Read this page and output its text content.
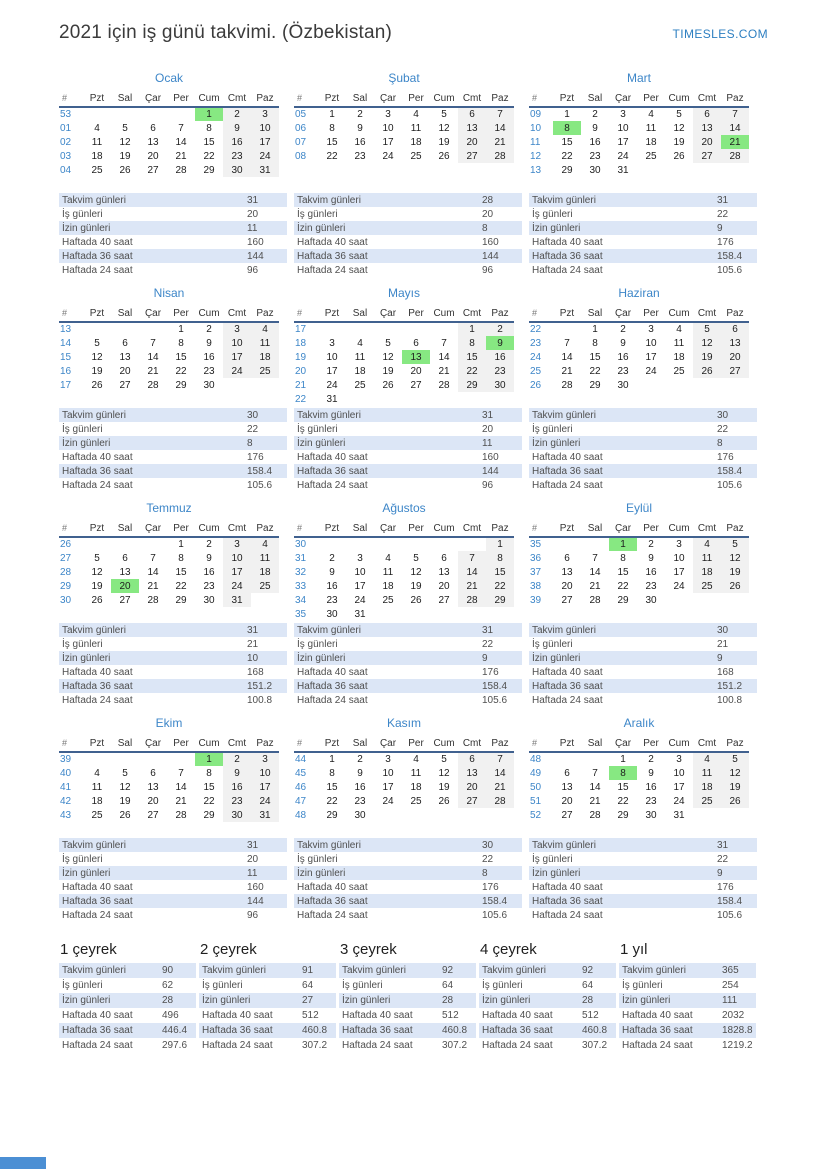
2021 için iş günü takvimi. (Özbekistan)	TIMESLES.COM
Ocak
#	Pzt	Sal	Çar	Per	Cum	Cmt	Paz
53					1	2	3
01	4	5	6	7	8	9	10
02	11	12	13	14	15	16	17
03	18	19	20	21	22	23	24
04	25	26	27	28	29	30	31
Takvim günleri	31
İş günleri	20
İzin günleri	11
Haftada 40 saat	160
Haftada 36 saat	144
Haftada 24 saat	96
Şubat
#	Pzt	Sal	Çar	Per	Cum	Cmt	Paz
05	1	2	3	4	5	6	7
06	8	9	10	11	12	13	14
07	15	16	17	18	19	20	21
08	22	23	24	25	26	27	28
Takvim günleri	28
İş günleri	20
İzin günleri	8
Haftada 40 saat	160
Haftada 36 saat	144
Haftada 24 saat	96
Mart
#	Pzt	Sal	Çar	Per	Cum	Cmt	Paz
09	1	2	3	4	5	6	7
10	8	9	10	11	12	13	14
11	15	16	17	18	19	20	21
12	22	23	24	25	26	27	28
13	29	30	31				
Takvim günleri	31
İş günleri	22
İzin günleri	9
Haftada 40 saat	176
Haftada 36 saat	158.4
Haftada 24 saat	105.6
Nisan
#	Pzt	Sal	Çar	Per	Cum	Cmt	Paz
13				1	2	3	4
14	5	6	7	8	9	10	11
15	12	13	14	15	16	17	18
16	19	20	21	22	23	24	25
17	26	27	28	29	30		
Takvim günleri	30
İş günleri	22
İzin günleri	8
Haftada 40 saat	176
Haftada 36 saat	158.4
Haftada 24 saat	105.6
Mayıs
#	Pzt	Sal	Çar	Per	Cum	Cmt	Paz
17						1	2
18	3	4	5	6	7	8	9
19	10	11	12	13	14	15	16
20	17	18	19	20	21	22	23
21	24	25	26	27	28	29	30
22	31						
Takvim günleri	31
İş günleri	20
İzin günleri	11
Haftada 40 saat	160
Haftada 36 saat	144
Haftada 24 saat	96
Haziran
#	Pzt	Sal	Çar	Per	Cum	Cmt	Paz
22		1	2	3	4	5	6
23	7	8	9	10	11	12	13
24	14	15	16	17	18	19	20
25	21	22	23	24	25	26	27
26	28	29	30				
Takvim günleri	30
İş günleri	22
İzin günleri	8
Haftada 40 saat	176
Haftada 36 saat	158.4
Haftada 24 saat	105.6
Temmuz
#	Pzt	Sal	Çar	Per	Cum	Cmt	Paz
26				1	2	3	4
27	5	6	7	8	9	10	11
28	12	13	14	15	16	17	18
29	19	20	21	22	23	24	25
30	26	27	28	29	30	31	
Takvim günleri	31
İş günleri	21
İzin günleri	10
Haftada 40 saat	168
Haftada 36 saat	151.2
Haftada 24 saat	100.8
Ağustos
#	Pzt	Sal	Çar	Per	Cum	Cmt	Paz
30							1
31	2	3	4	5	6	7	8
32	9	10	11	12	13	14	15
33	16	17	18	19	20	21	22
34	23	24	25	26	27	28	29
35	30	31					
Takvim günleri	31
İş günleri	22
İzin günleri	9
Haftada 40 saat	176
Haftada 36 saat	158.4
Haftada 24 saat	105.6
Eylül
#	Pzt	Sal	Çar	Per	Cum	Cmt	Paz
35			1	2	3	4	5
36	6	7	8	9	10	11	12
37	13	14	15	16	17	18	19
38	20	21	22	23	24	25	26
39	27	28	29	30			
Takvim günleri	30
İş günleri	21
İzin günleri	9
Haftada 40 saat	168
Haftada 36 saat	151.2
Haftada 24 saat	100.8
Ekim
#	Pzt	Sal	Çar	Per	Cum	Cmt	Paz
39					1	2	3
40	4	5	6	7	8	9	10
41	11	12	13	14	15	16	17
42	18	19	20	21	22	23	24
43	25	26	27	28	29	30	31
Takvim günleri	31
İş günleri	20
İzin günleri	11
Haftada 40 saat	160
Haftada 36 saat	144
Haftada 24 saat	96
Kasım
#	Pzt	Sal	Çar	Per	Cum	Cmt	Paz
44	1	2	3	4	5	6	7
45	8	9	10	11	12	13	14
46	15	16	17	18	19	20	21
47	22	23	24	25	26	27	28
48	29	30					
Takvim günleri	30
İş günleri	22
İzin günleri	8
Haftada 40 saat	176
Haftada 36 saat	158.4
Haftada 24 saat	105.6
Aralık
#	Pzt	Sal	Çar	Per	Cum	Cmt	Paz
48			1	2	3	4	5
49	6	7	8	9	10	11	12
50	13	14	15	16	17	18	19
51	20	21	22	23	24	25	26
52	27	28	29	30	31		
Takvim günleri	31
İş günleri	22
İzin günleri	9
Haftada 40 saat	176
Haftada 36 saat	158.4
Haftada 24 saat	105.6
1 çeyrek
Takvim günleri	90
İş günleri	62
İzin günleri	28
Haftada 40 saat	496
Haftada 36 saat	446.4
Haftada 24 saat	297.6
2 çeyrek
Takvim günleri	91
İş günleri	64
İzin günleri	27
Haftada 40 saat	512
Haftada 36 saat	460.8
Haftada 24 saat	307.2
3 çeyrek
Takvim günleri	92
İş günleri	64
İzin günleri	28
Haftada 40 saat	512
Haftada 36 saat	460.8
Haftada 24 saat	307.2
4 çeyrek
Takvim günleri	92
İş günleri	64
İzin günleri	28
Haftada 40 saat	512
Haftada 36 saat	460.8
Haftada 24 saat	307.2
1 yıl
Takvim günleri	365
İş günleri	254
İzin günleri	111
Haftada 40 saat	2032
Haftada 36 saat	1828.8
Haftada 24 saat	1219.2
